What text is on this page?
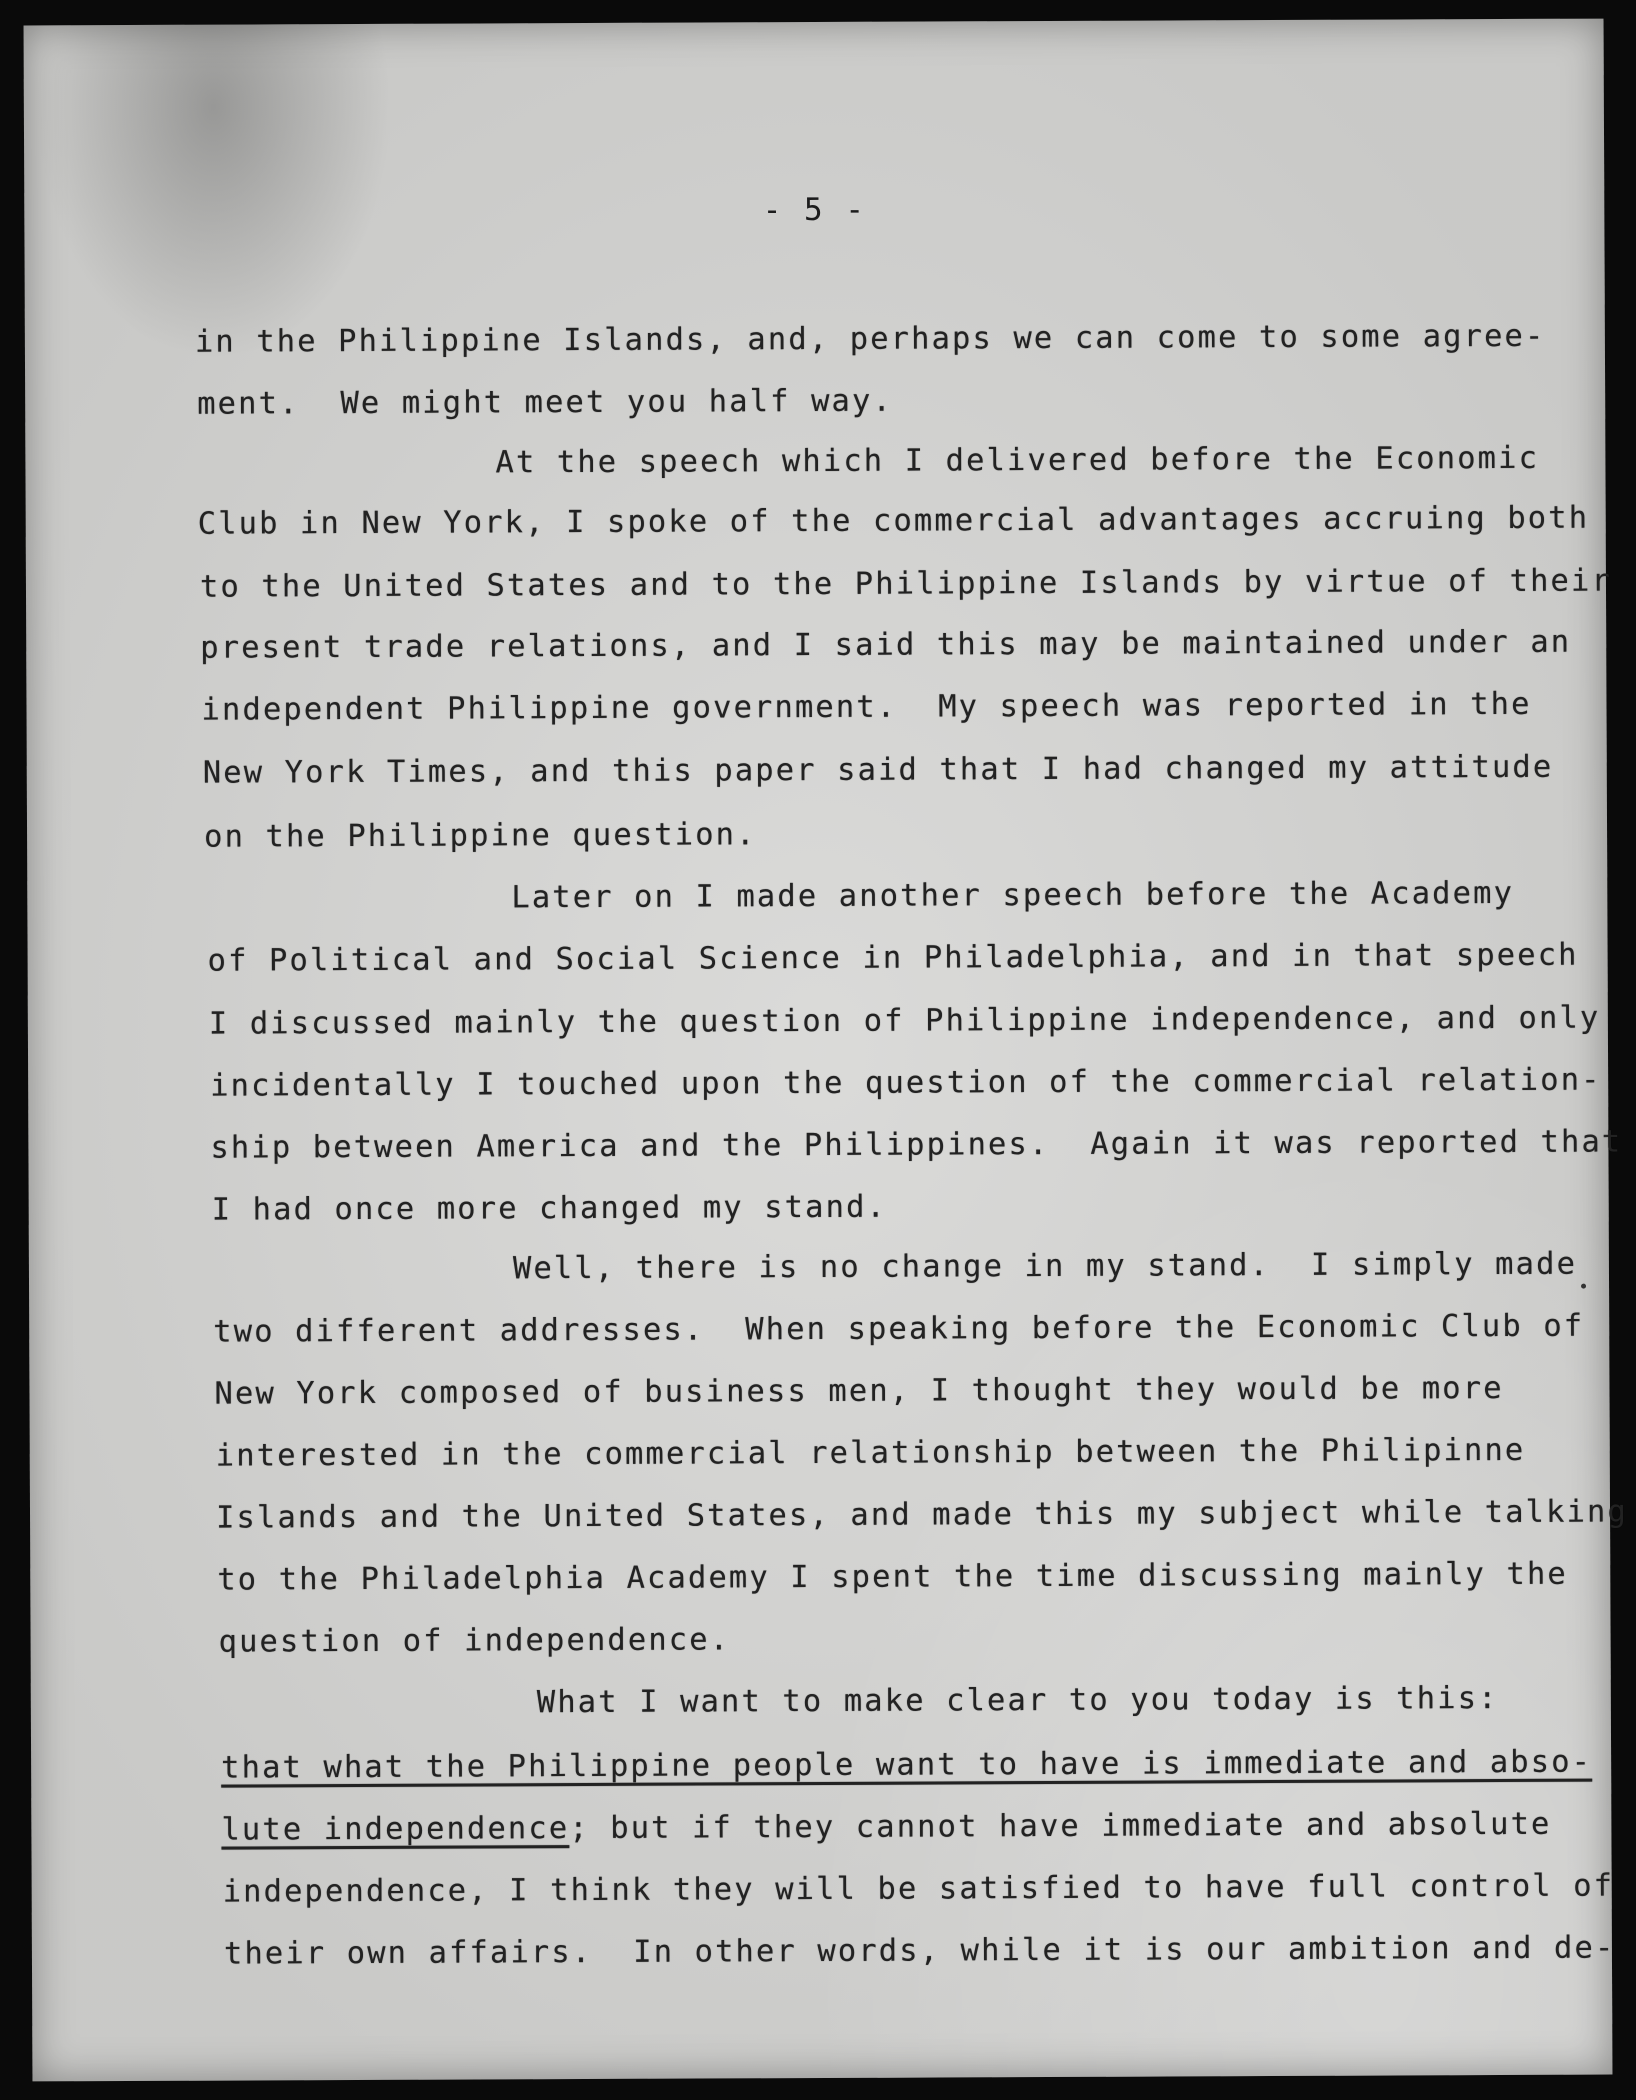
- 5 -
in the Philippine Islands, and, perhaps we can come to some agree-
ment.  We might meet you half way.
At the speech which I delivered before the Economic
Club in New York, I spoke of the commercial advantages accruing both
to the United States and to the Philippine Islands by virtue of their
present trade relations, and I said this may be maintained under an
independent Philippine government.  My speech was reported in the
New York Times, and this paper said that I had changed my attitude
on the Philippine question.
Later on I made another speech before the Academy
of Political and Social Science in Philadelphia, and in that speech
I discussed mainly the question of Philippine independence, and only
incidentally I touched upon the question of the commercial relation-
ship between America and the Philippines.  Again it was reported that
I had once more changed my stand.
Well, there is no change in my stand.  I simply made
two different addresses.  When speaking before the Economic Club of
New York composed of business men, I thought they would be more
interested in the commercial relationship between the Philipinne
Islands and the United States, and made this my subject while talking
to the Philadelphia Academy I spent the time discussing mainly the
question of independence.
What I want to make clear to you today is this:
that what the Philippine people want to have is immediate and abso-
lute independence; but if they cannot have immediate and absolute
independence, I think they will be satisfied to have full control of
their own affairs.  In other words, while it is our ambition and de-
